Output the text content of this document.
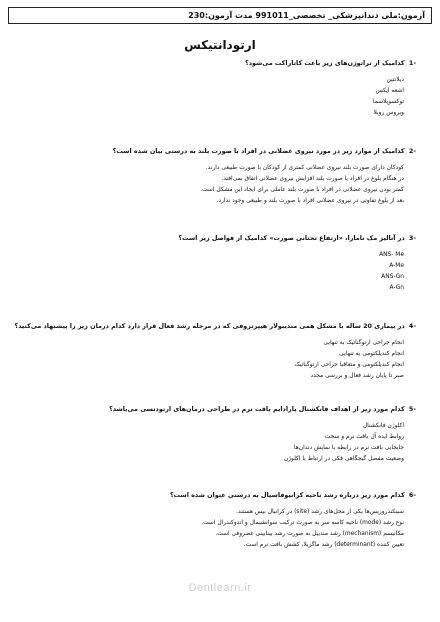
آزمون:ملی دندانپزشکی_ تخصصی_991011 مدت آزمون:230
ارتودانتیکس
-1 کدامیک از تراتوژن‌های زیر باعث کاتاراکت می‌شود؟
دیلانتین
اشعه ایکس
توکسوپلاسما
ویروس روبلا
-2 کدامیک از موارد زیر در مورد نیروی عضلانی در افراد با صورت بلند به درستی بیان شده است؟
کودکان دارای صورت بلند نیروی عضلانی کمتری از کودکان با صورت طبیعی دارند.
در هنگام بلوغ در افراد با صورت بلند افزایش نیروی عضلانی اتفاق نمی‌افتد.
کمتر بودن نیروی عضلانی در افراد با صورت بلند عاملی برای ایجاد این مشکل است.
بعد از بلوغ تفاوتی در نیروی عضلانی افراد با صورت بلند و طبیعی وجود ندارد.
-3 در آنالیز مک نامارا، «ارتفاع تحتانی صورت» کدامیک از فواصل زیر است؟
ANS- Me
A-Me
ANS-Gn
A-Gn
-4 در بیماری 20 ساله با مشکل همی مندیبولار هیپرتروفی که در مرحله رشد فعال قرار دارد کدام درمان زیر را پیشنهاد می‌کنید؟
انجام جراحی ارتوگناتیک به تنهایی
انجام کندیلکتومی به تنهایی
انجام کندیلکتومی و متعاقبا جراحی ارتوگناتیک
صبر تا پایان رشد فعال و بررسی مجدد
-5 کدام مورد زیر از اهداف فانکشنال پارادایم بافت نرم در طراحی درمان‌های ارتودنسی می‌باشد؟
اکلوژن فانکشنال
روابط ایده آل بافت نرم و سخت
جابجایی بافت نرم در رابطه با نمایش دندان‌ها
وضعیت مفصل گیجگاهی فکی در ارتباط با اکلوژن
-6 کدام مورد زیر درباره رشد ناحیه کرانیوفاسیال به درستی عنوان شده است؟
سینکندروزیس‌ها یکی از محل‌های رشد (site) در کرانیال بیس هستند.
نوع رشد (mode) ناحیه کاسه سر به صورت ترکیب سوانشیمال و اندوکندرال است.
مکانیسم (mechanism) رشد مندیبل به صورت رشد بینابینی غضروفی است.
تعیین کننده (determinant) رشد ماگزیلا، کشش بافت نرم است.
Dentlearn.ir
